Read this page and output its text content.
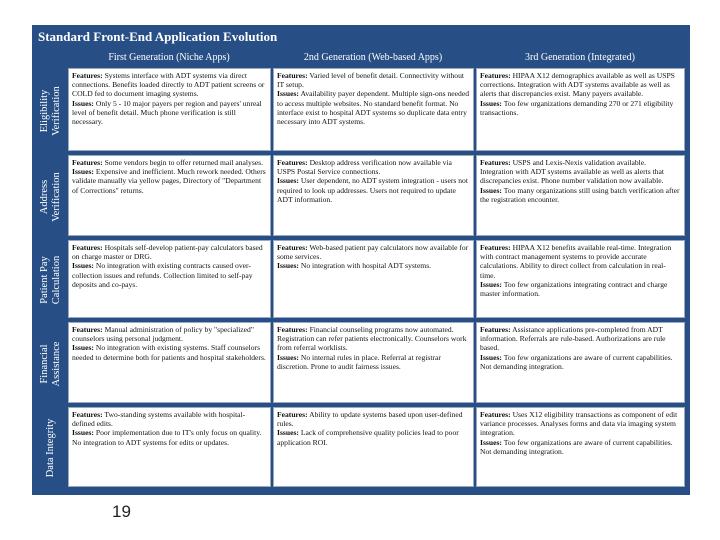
Standard Front-End Application Evolution
First Generation (Niche Apps)	2nd Generation (Web-based Apps)	3rd Generation (Integrated)
Eligibility
Verification

Features: Systems interface with ADT systems via direct connections. Benefits loaded directly to ADT patient screens or COLD fed to document imaging systems.

Issues: Only 5 - 10 major payers per region and payers' unreal level of benefit detail. Much phone verification is still necessary.

Features: Varied level of benefit detail. Connectivity without IT setup.

Issues: Availability payer dependent. Multiple sign-ons needed to access multiple websites. No standard benefit format. No interface exist to hospital ADT systems so duplicate data entry necessary into ADT systems.

Features: HIPAA X12 demographics available as well as USPS corrections. Integration with ADT systems available as well as alerts that discrepancies exist. Many payers available.

Issues: Too few organizations demanding 270 or 271 eligibility transactions.

Address
Verification

Features: Some vendors begin to offer returned mail analyses.

Issues: Expensive and inefficient. Much rework needed. Others validate manually via yellow pages, Directory of "Department of Corrections" returns.

Features: Desktop address verification now available via USPS Postal Service connections.

Issues: User dependent, no ADT system integration - users not required to look up addresses. Users not required to update ADT information.

Features: USPS and Lexis-Nexis validation available. Integration with ADT systems available as well as alerts that discrepancies exist. Phone number validation now available.

Issues: Too many organizations still using batch verification after the registration encounter.

Patient Pay
Calculation

Features: Hospitals self-develop patient-pay calculators based on charge master or DRG.

Issues: No integration with existing contracts caused over-collection issues and refunds. Collection limited to self-pay deposits and co-pays.

Features: Web-based patient pay calculators now available for some services.

Issues: No integration with hospital ADT systems.

Features: HIPAA X12 benefits available real-time. Integration with contract management systems to provide accurate calculations. Ability to direct collect from calculation in real-time.

Issues: Too few organizations integrating contract and charge master information.

Financial
Assistance

Features: Manual administration of policy by "specialized" counselors using personal judgment.

Issues: No integration with existing systems. Staff counselors needed to determine both for patients and hospital stakeholders.

Features: Financial counseling programs now automated. Registration can refer patients electronically. Counselors work from referral worklists.

Issues: No internal rules in place. Referral at registrar discretion. Prone to audit fairness issues.

Features: Assistance applications pre-completed from ADT information. Referrals are rule-based. Authorizations are rule based.

Issues: Too few organizations are aware of current capabilities. Not demanding integration.

Data Integrity

Features: Two-standing systems available with hospital-defined edits.

Issues: Poor implementation due to IT's only focus on quality. No integration to ADT systems for edits or updates.

Features: Ability to update systems based upon user-defined rules.

Issues: Lack of comprehensive quality policies lead to poor application ROI.

Features: Uses X12 eligibility transactions as component of edit variance processes. Analyses forms and data via imaging system integration.

Issues: Too few organizations are aware of current capabilities. Not demanding integration.

19
